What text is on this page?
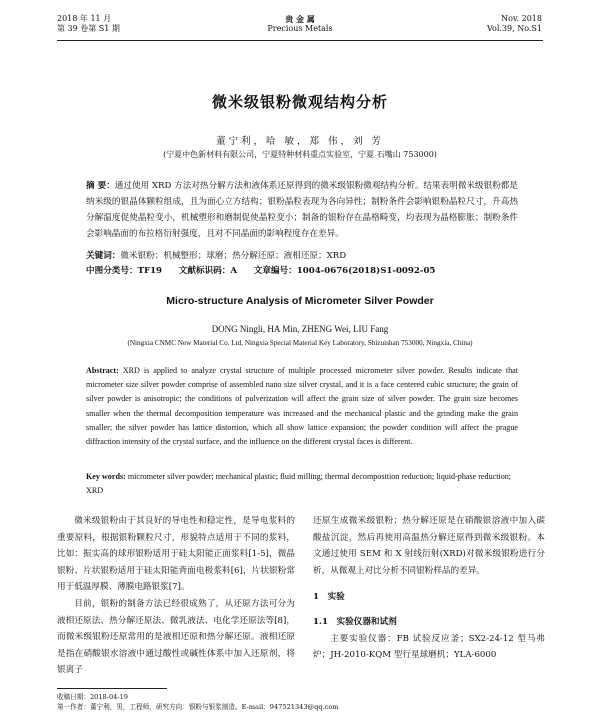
2018 年 11 月
第 39 卷第 S1 期
贵 金 属
Precious Metals
Nov. 2018
Vol.39, No.S1
微米级银粉微观结构分析
董宁利，哈 敏，郑 伟，刘 芳
(宁夏中色新材料有限公司，宁夏特种材料重点实验室，宁夏 石嘴山 753000)
摘 要：通过使用 XRD 方法对热分解方法和液体系还原得到的微米级银粉微观结构分析。结果表明微米级银粉都是纳米级的银晶体颗粒组成，且为面心立方结构；银粉晶粒表现为各向异性；制粉条件会影响银粉晶粒尺寸，升高热分解温度促使晶粒变小，机械塑形和磨制促使晶粒变小；制备的银粉存在晶格畸变，均表现为晶格膨胀；制粉条件会影响晶面的布拉格衍射强度，且对不同晶面的影响程度存在差异。
关键词：微米银粉；机械整形；球磨；热分解还原；液相还原；XRD
中图分类号：TF19 文献标识码：A 文章编号：1004-0676(2018)S1-0092-05
Micro-structure Analysis of Micrometer Silver Powder
DONG Ningli, HA Min, ZHENG Wei, LIU Fang
(Ningxia CNMC New Material Co. Ltd, Ningxia Special Material Key Laboratory, Shizuishan 753000, Ningxia, China)
Abstract: XRD is applied to analyze crystal structure of multiple processed micrometer silver powder. Results indicate that micrometer size silver powder comprise of assembled nano size silver crystal, and it is a face centered cubic structure; the grain of silver powder is anisotropic; the conditions of pulverization will affect the grain size of silver powder. The grain size becomes smaller when the thermal decomposition temperature was increased and the mechanical plastic and the grinding make the grain smaller; the silver powder has lattice distortion, which all show lattice expansion; the powder condition will affect the prague diffraction intensity of the crystal surface, and the influence on the different crystal faces is different.
Key words: micrometer silver powder; mechanical plastic; fluid milling; thermal decomposition reduction; liquid-phase reduction; XRD
微米级银粉由于其良好的导电性和稳定性，是导电浆料的重要原料，根据银粉颗粒尺寸，形貌特点适用于不同的浆料，比如：振实高的球形银粉适用于硅太阳能正面浆料[1-5]，微晶银粉、片状银粉适用于硅太阳能背面电极浆料[6]，片状银粉常用于低温厚膜、薄膜电路银浆[7]。
目前，银粉的制备方法已经很成熟了，从还原方法可分为液相还原法、热分解还原法、微乳液法、电化学还原法等[8]，而微米级银粉还原常用的是液相还原和热分解还原。液相还原是指在硝酸银水溶液中通过酸性或碱性体系中加入还原剂，将银离子
还原生成微米级银粉；热分解还原是在硝酸银溶液中加入碳酸盐沉淀，然后再使用高温热分解还原得到微米级银粉。本文通过使用 SEM 和 X 射线衍射(XRD)对微米级银粉进行分析，从微观上对比分析不同银粉样品的差异。
1　实验
1.1　实验仪器和试剂
主要实验仪器：FB 试验反应釜；SX2-24-12 型马弗炉；JH-2010-KQM 型行星球磨机；YLA-6000
收稿日期：2018-04-19
第一作者：董宁利，男，工程师，研究方向：银粉与银浆制造。E-mail：947521343@qq.com
